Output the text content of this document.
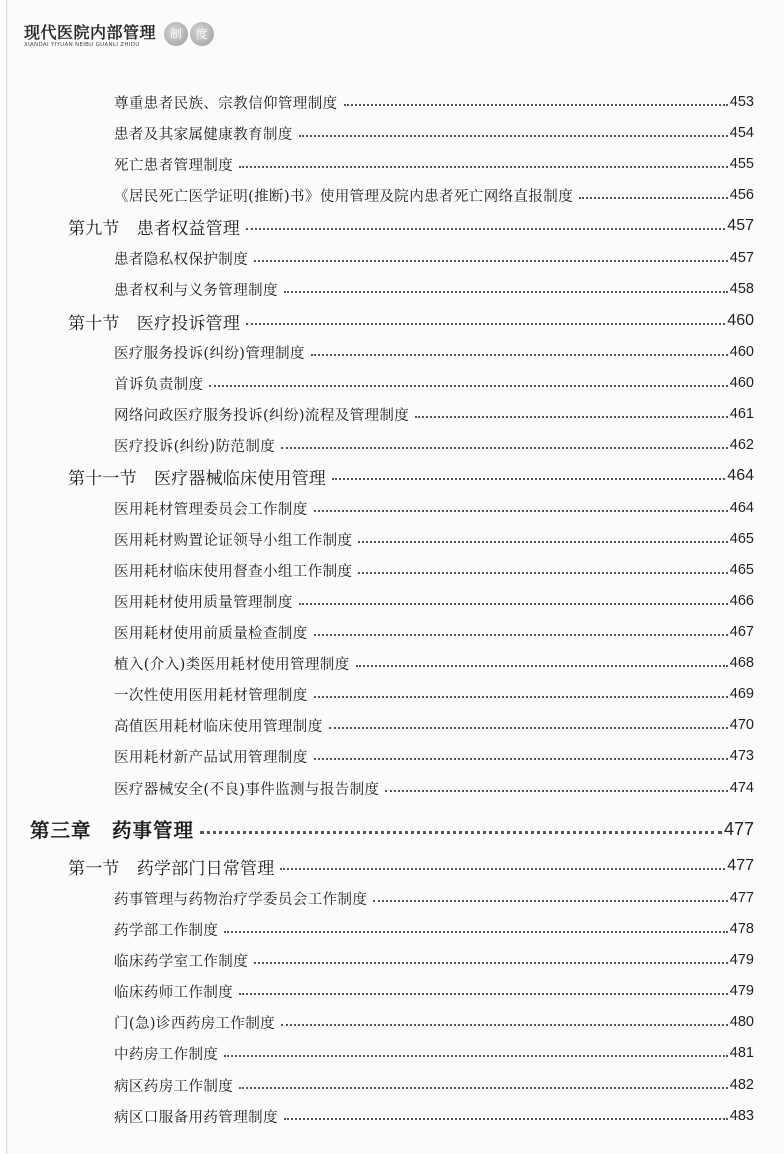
现代医院内部管理
XIANDAI YIYUAN NEIBU GUANLI ZHIDU
制	度
尊重患者民族、宗教信仰管理制度	453
患者及其家属健康教育制度	454
死亡患者管理制度	455
《居民死亡医学证明(推断)书》使用管理及院内患者死亡网络直报制度	456
第九节　患者权益管理	457
患者隐私权保护制度	457
患者权利与义务管理制度	458
第十节　医疗投诉管理	460
医疗服务投诉(纠纷)管理制度	460
首诉负责制度	460
网络问政医疗服务投诉(纠纷)流程及管理制度	461
医疗投诉(纠纷)防范制度	462
第十一节　医疗器械临床使用管理	464
医用耗材管理委员会工作制度	464
医用耗材购置论证领导小组工作制度	465
医用耗材临床使用督查小组工作制度	465
医用耗材使用质量管理制度	466
医用耗材使用前质量检查制度	467
植入(介入)类医用耗材使用管理制度	468
一次性使用医用耗材管理制度	469
高值医用耗材临床使用管理制度	470
医用耗材新产品试用管理制度	473
医疗器械安全(不良)事件监测与报告制度	474
第三章　药事管理	477
第一节　药学部门日常管理	477
药事管理与药物治疗学委员会工作制度	477
药学部工作制度	478
临床药学室工作制度	479
临床药师工作制度	479
门(急)诊西药房工作制度	480
中药房工作制度	481
病区药房工作制度	482
病区口服备用药管理制度	483
